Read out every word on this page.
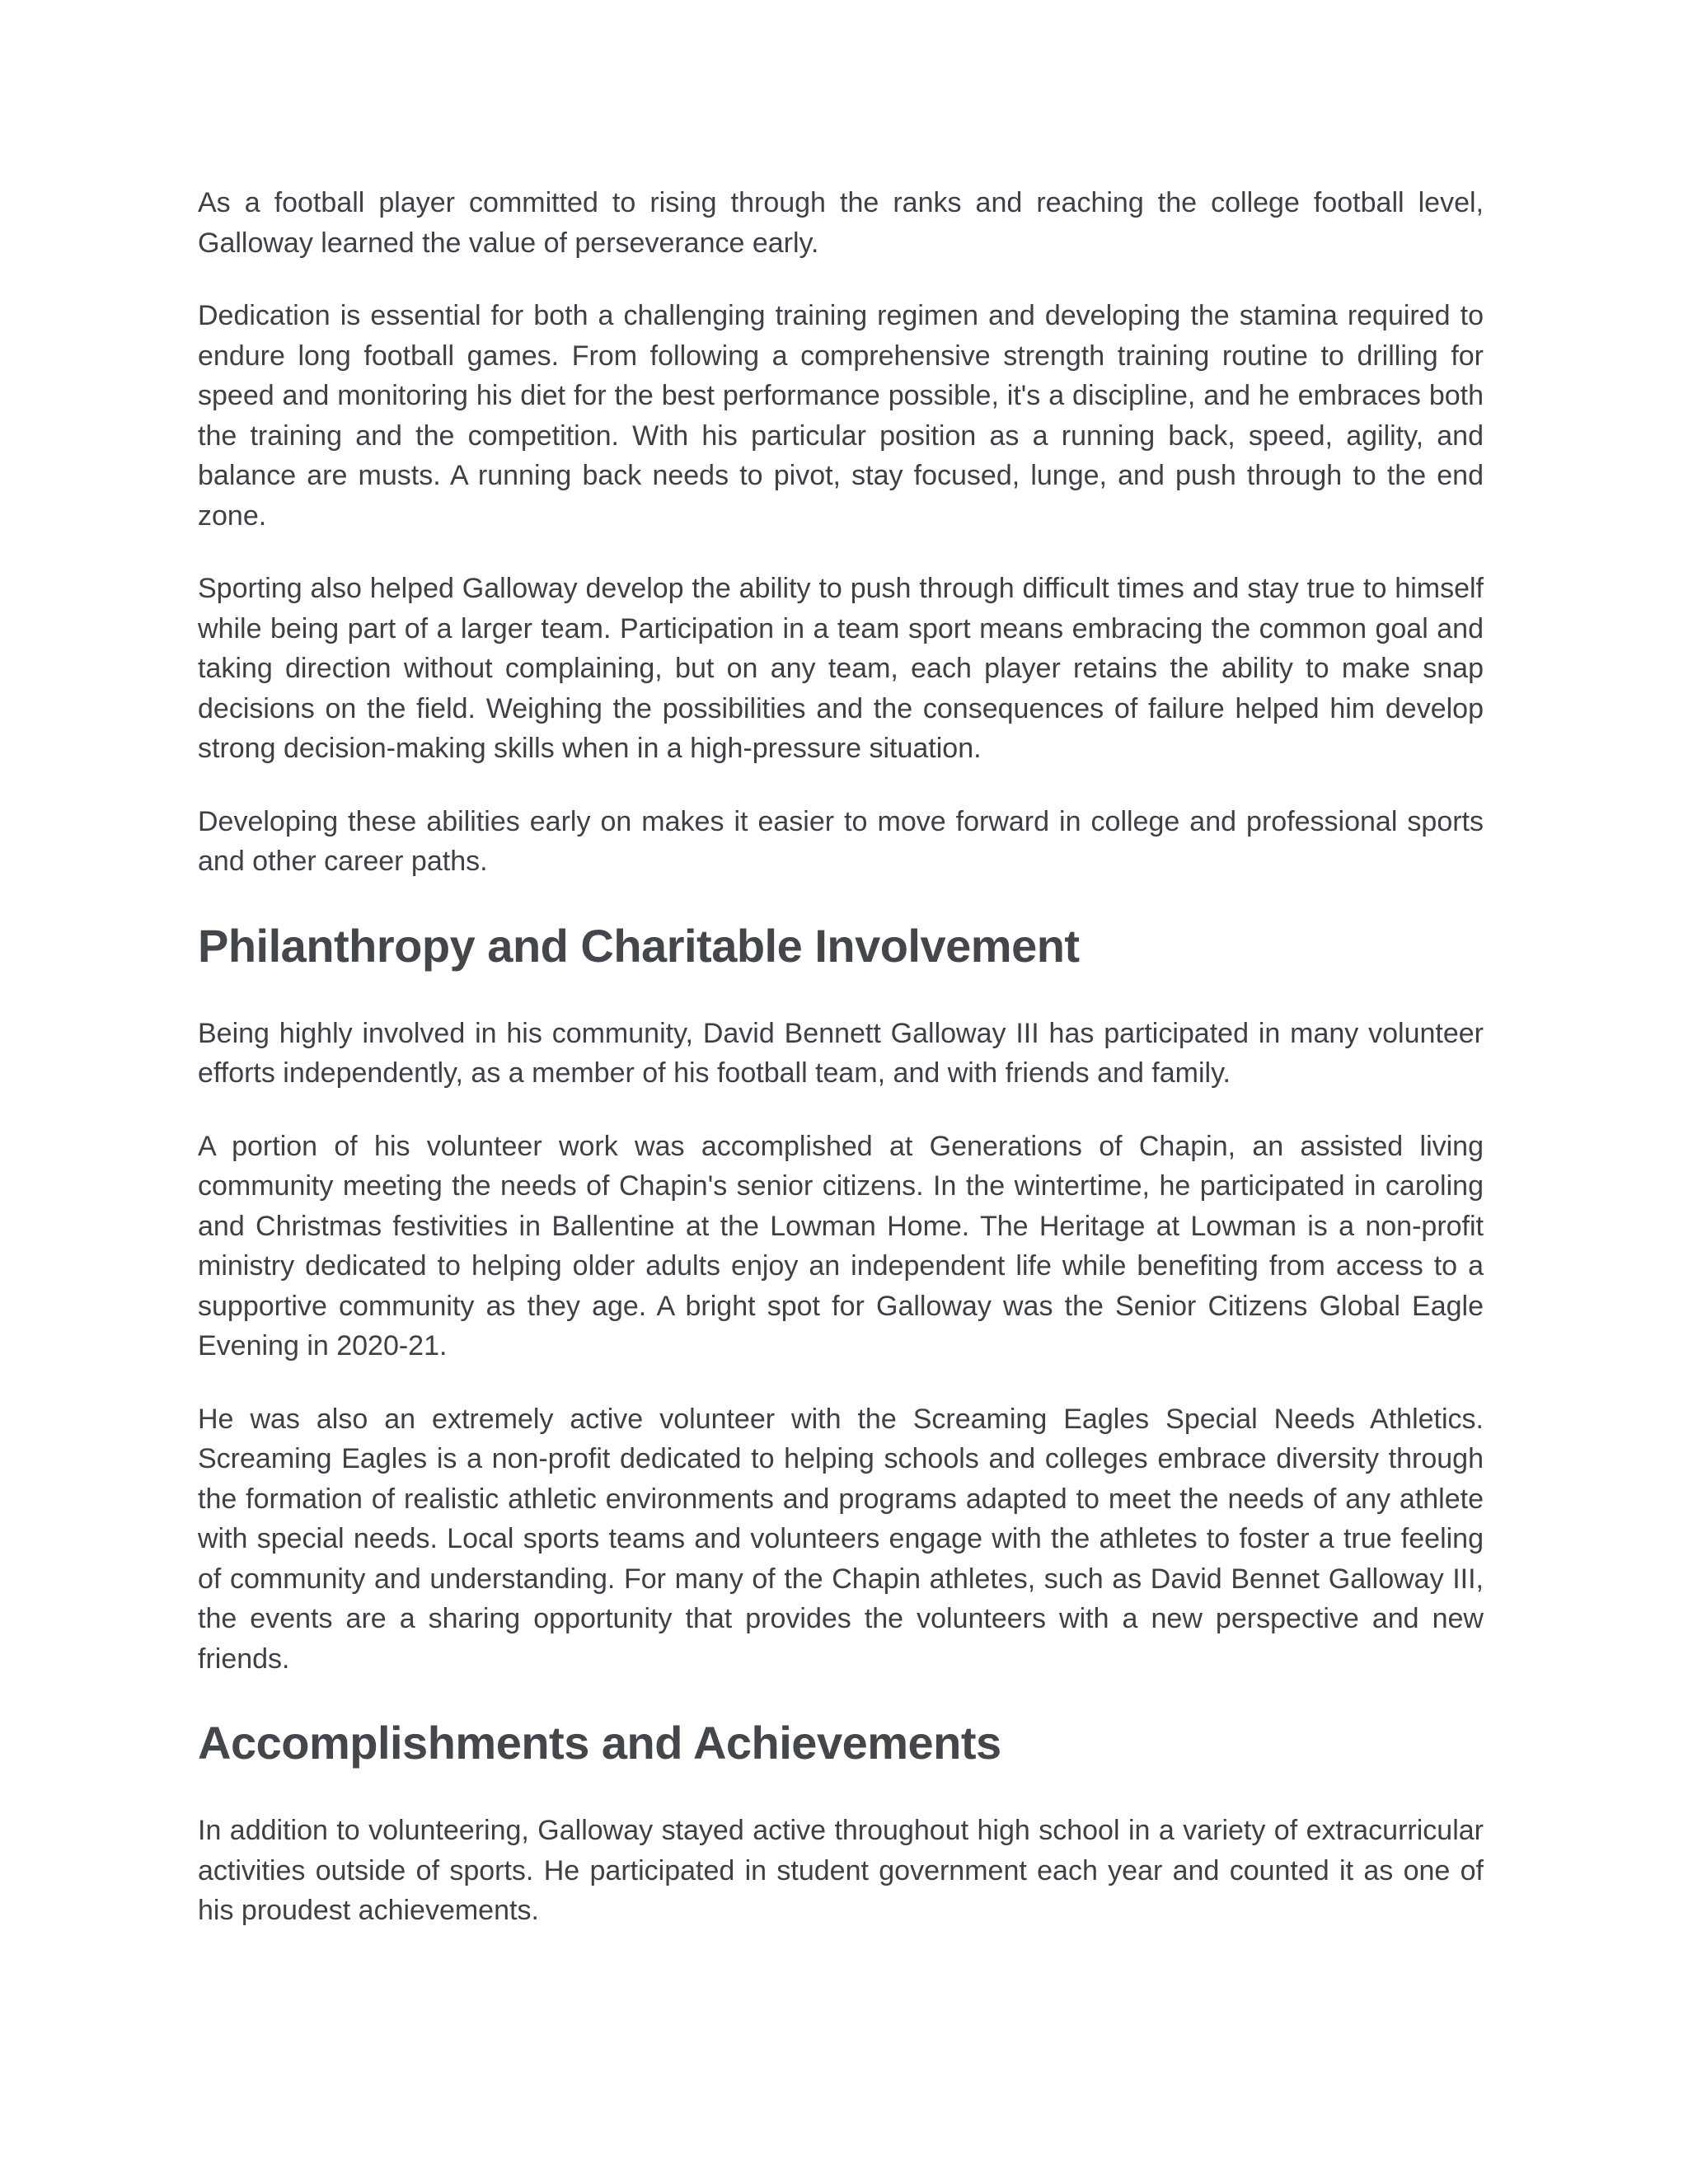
As a football player committed to rising through the ranks and reaching the college football level, Galloway learned the value of perseverance early.

Dedication is essential for both a challenging training regimen and developing the stamina required to endure long football games. From following a comprehensive strength training routine to drilling for speed and monitoring his diet for the best performance possible, it's a discipline, and he embraces both the training and the competition. With his particular position as a running back, speed, agility, and balance are musts. A running back needs to pivot, stay focused, lunge, and push through to the end zone.

Sporting also helped Galloway develop the ability to push through difficult times and stay true to himself while being part of a larger team. Participation in a team sport means embracing the common goal and taking direction without complaining, but on any team, each player retains the ability to make snap decisions on the field. Weighing the possibilities and the consequences of failure helped him develop strong decision-making skills when in a high-pressure situation.

Developing these abilities early on makes it easier to move forward in college and professional sports and other career paths.

Philanthropy and Charitable Involvement

Being highly involved in his community, David Bennett Galloway III has participated in many volunteer efforts independently, as a member of his football team, and with friends and family.

A portion of his volunteer work was accomplished at Generations of Chapin, an assisted living community meeting the needs of Chapin's senior citizens. In the wintertime, he participated in caroling and Christmas festivities in Ballentine at the Lowman Home. The Heritage at Lowman is a non-profit ministry dedicated to helping older adults enjoy an independent life while benefiting from access to a supportive community as they age. A bright spot for Galloway was the Senior Citizens Global Eagle Evening in 2020-21.

He was also an extremely active volunteer with the Screaming Eagles Special Needs Athletics. Screaming Eagles is a non-profit dedicated to helping schools and colleges embrace diversity through the formation of realistic athletic environments and programs adapted to meet the needs of any athlete with special needs. Local sports teams and volunteers engage with the athletes to foster a true feeling of community and understanding. For many of the Chapin athletes, such as David Bennet Galloway III, the events are a sharing opportunity that provides the volunteers with a new perspective and new friends.

Accomplishments and Achievements

In addition to volunteering, Galloway stayed active throughout high school in a variety of extracurricular activities outside of sports. He participated in student government each year and counted it as one of his proudest achievements.
